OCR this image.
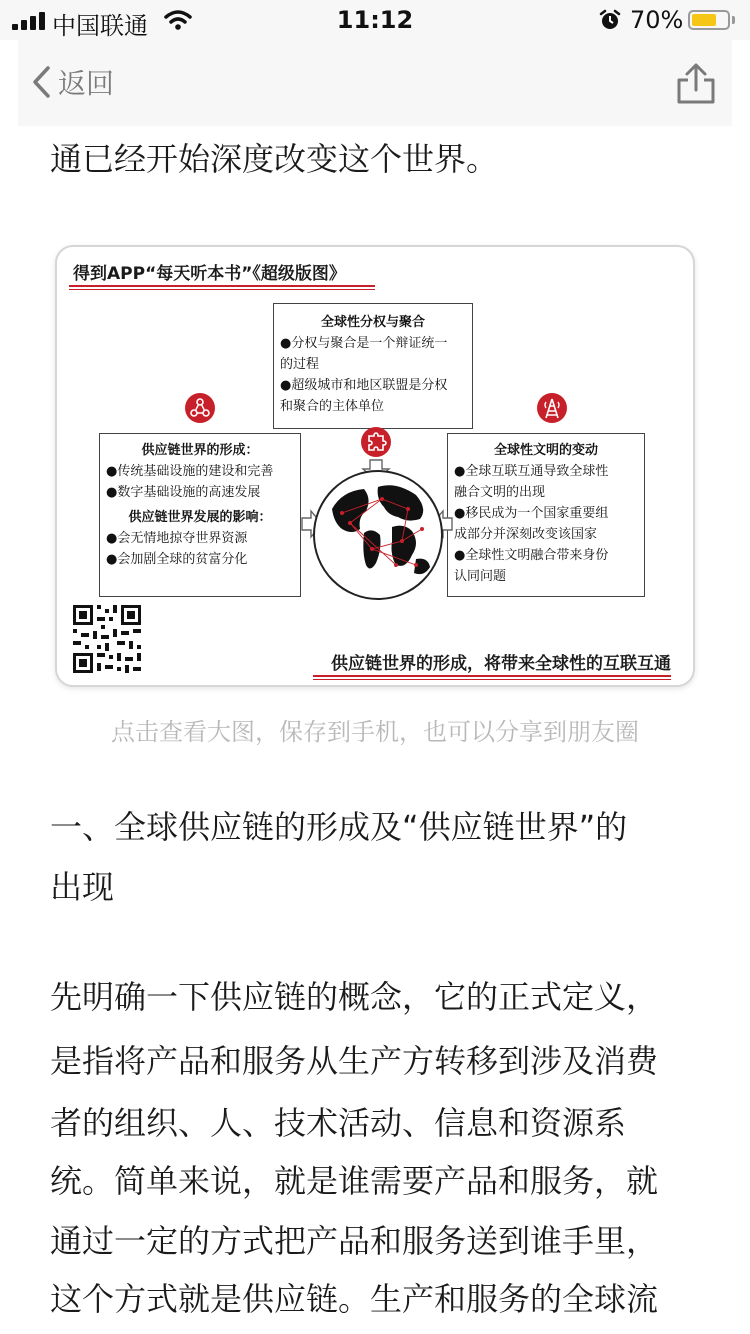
中国联通	11:12	70%
返回

通已经开始深度改变这个世界。

得到APP“每天听本书”《超级版图》
全球性分权与聚合
●分权与聚合是一个辩证统一
的过程
●超级城市和地区联盟是分权
和聚合的主体单位
供应链世界的形成：
●传统基础设施的建设和完善
●数字基础设施的高速发展
供应链世界发展的影响：
●会无情地掠夺世界资源
●会加剧全球的贫富分化
全球性文明的变动
●全球互联互通导致全球性
融合文明的出现
●移民成为一个国家重要组
成部分并深刻改变该国家
●全球性文明融合带来身份
认同问题
供应链世界的形成，将带来全球性的互联互通

点击查看大图，保存到手机，也可以分享到朋友圈

一、全球供应链的形成及“供应链世界”的

出现

先明确一下供应链的概念，它的正式定义，

是指将产品和服务从生产方转移到涉及消费

者的组织、人、技术活动、信息和资源系

统。简单来说，就是谁需要产品和服务，就

通过一定的方式把产品和服务送到谁手里，

这个方式就是供应链。生产和服务的全球流
